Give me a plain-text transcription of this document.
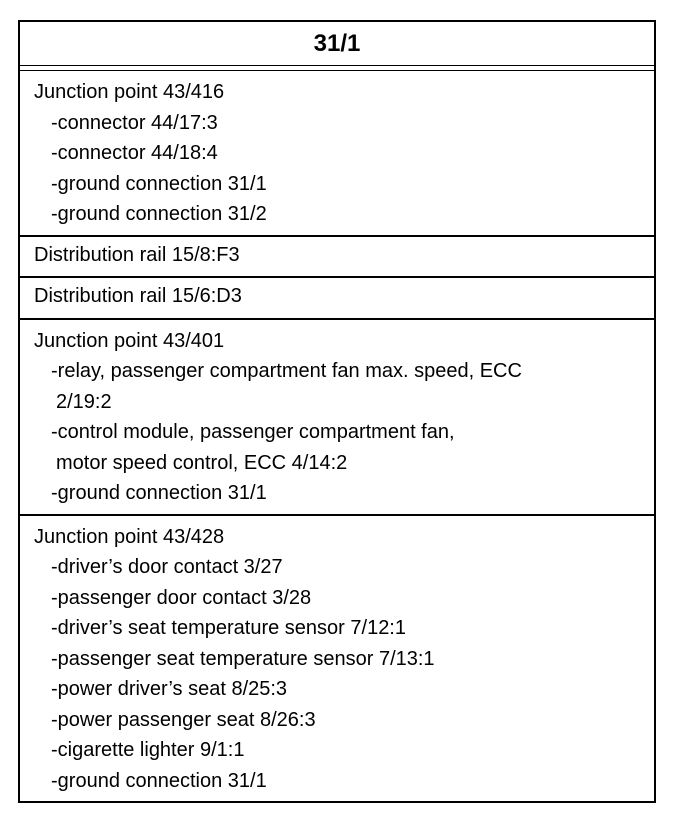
31/1
Junction point 43/416
-connector 44/17:3
-connector 44/18:4
-ground connection 31/1
-ground connection 31/2
Distribution rail 15/8:F3
Distribution rail 15/6:D3
Junction point 43/401
-relay, passenger compartment fan max. speed, ECC
2/19:2
-control module, passenger compartment fan,
motor speed control, ECC 4/14:2
-ground connection 31/1
Junction point 43/428
-driver’s door contact 3/27
-passenger door contact 3/28
-driver’s seat temperature sensor 7/12:1
-passenger seat temperature sensor 7/13:1
-power driver’s seat 8/25:3
-power passenger seat 8/26:3
-cigarette lighter 9/1:1
-ground connection 31/1
